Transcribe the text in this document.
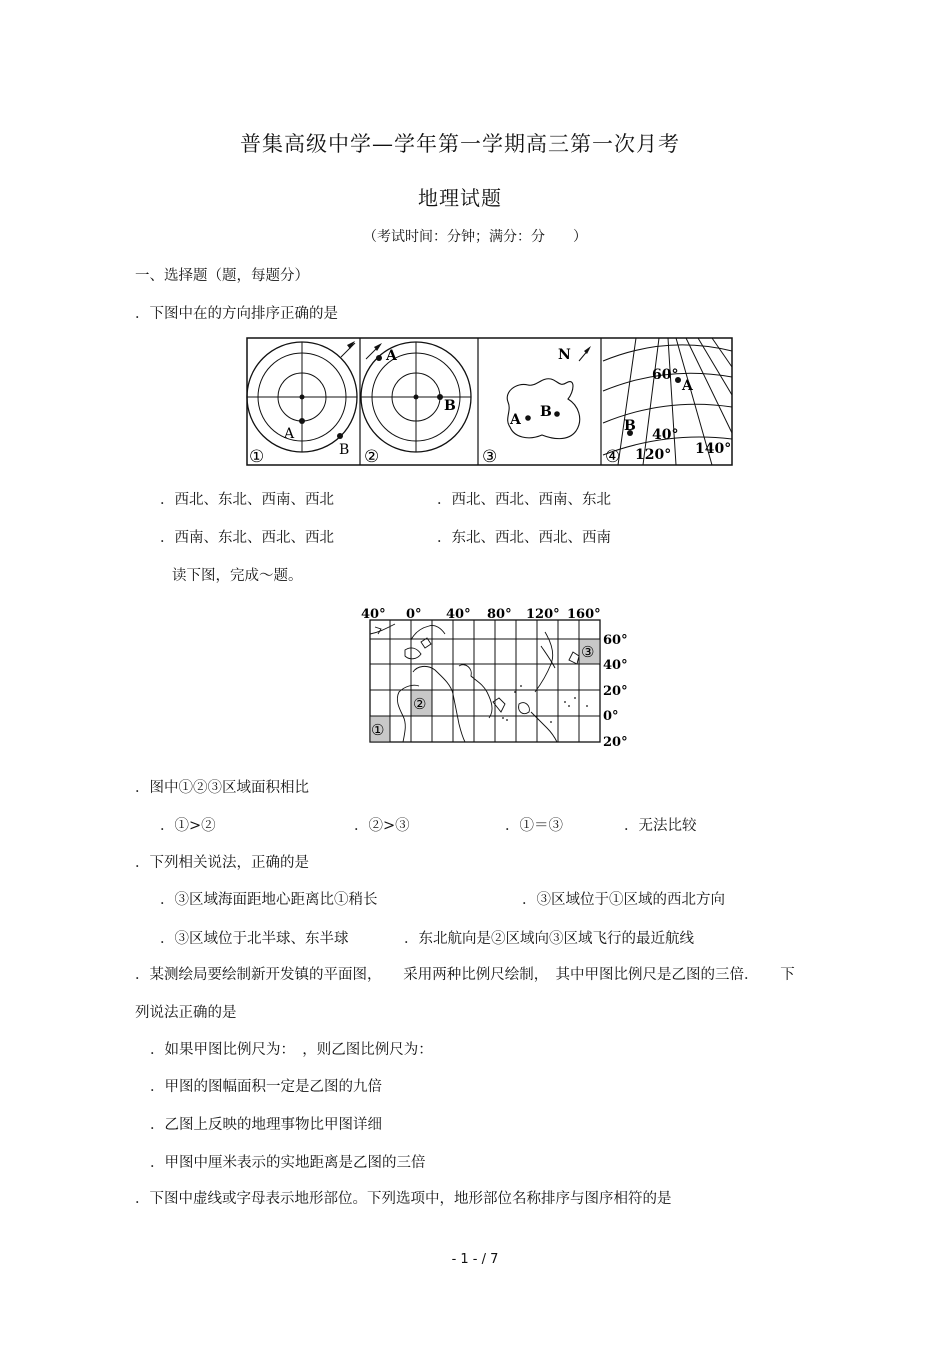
普集高级中学—学年第一学期高三第一次月考
地理试题
（考试时间：分钟；满分：分　　）
一、选择题（题，每题分）
．下图中在的方向排序正确的是
A
B
①
A
B
②
N
A B
③
60°
A
40°
B
120° 140°
④
．西北、东北、西南、西北	．西北、西北、西南、东北
．西南、东北、西北、西北	．东北、西北、西北、西南
读下图，完成～题。
40° 0° 40° 80° 120° 160°
①
②
③
60°
40°
20°
0°
20°
．图中①②③区域面积相比
．①>②	．②>③	．①＝③	．无法比较
．下列相关说法，正确的是
．③区域海面距地心距离比①稍长	．③区域位于①区域的西北方向
．③区域位于北半球、东半球	．东北航向是②区域向③区域飞行的最近航线
．某测绘局要绘制新开发镇的平面图，　　采用两种比例尺绘制，　其中甲图比例尺是乙图的三倍．　　下
列说法正确的是
．如果甲图比例尺为：　，则乙图比例尺为：
．甲图的图幅面积一定是乙图的九倍
．乙图上反映的地理事物比甲图详细
．甲图中厘米表示的实地距离是乙图的三倍
．下图中虚线或字母表示地形部位。下列选项中，地形部位名称排序与图序相符的是
- 1 - / 7
